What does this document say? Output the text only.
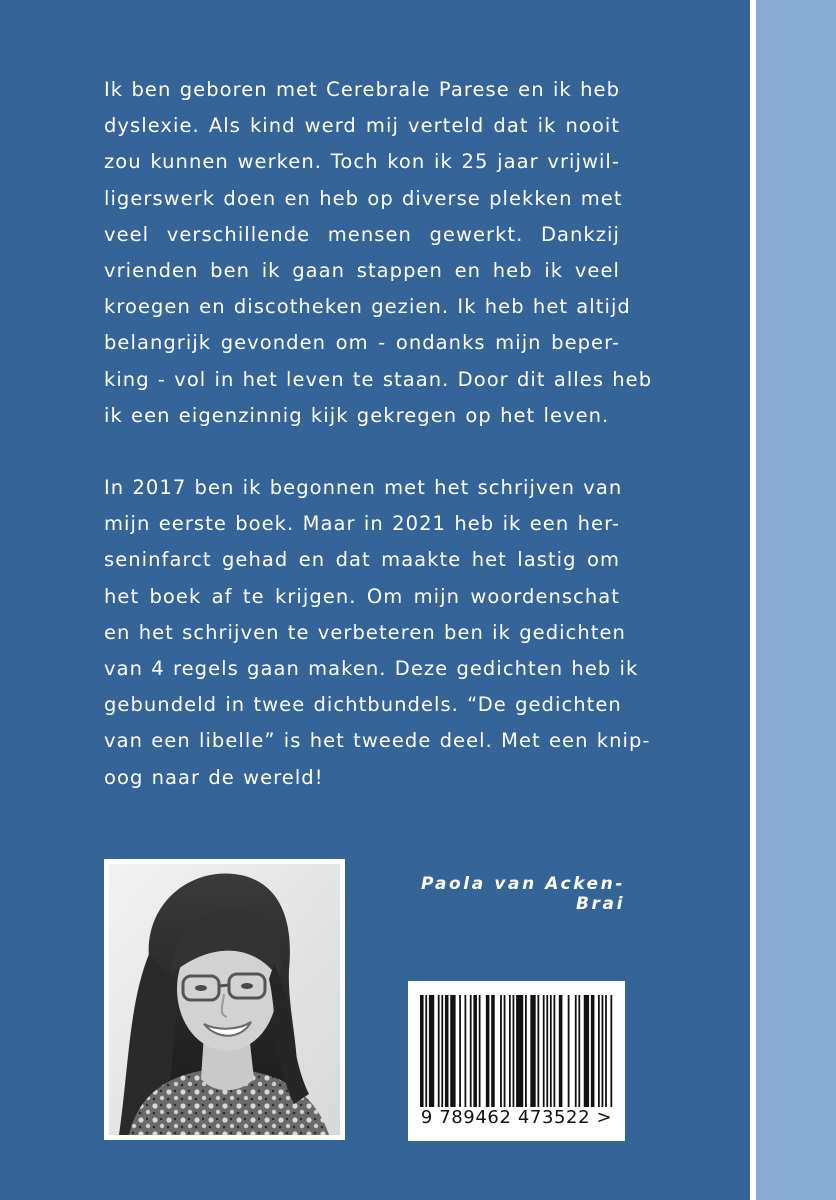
Ik ben geboren met Cerebrale Parese en ik heb
dyslexie. Als kind werd mij verteld dat ik nooit
zou kunnen werken. Toch kon ik 25 jaar vrijwil-
ligerswerk doen en heb op diverse plekken met
veel verschillende mensen gewerkt. Dankzij
vrienden ben ik gaan stappen en heb ik veel
kroegen en discotheken gezien. Ik heb het altijd
belangrijk gevonden om - ondanks mijn beper-
king - vol in het leven te staan. Door dit alles heb
ik een eigenzinnig kijk gekregen op het leven.
In 2017 ben ik begonnen met het schrijven van
mijn eerste boek. Maar in 2021 heb ik een her-
seninfarct gehad en dat maakte het lastig om
het boek af te krijgen. Om mijn woordenschat
en het schrijven te verbeteren ben ik gedichten
van 4 regels gaan maken. Deze gedichten heb ik
gebundeld in twee dichtbundels. “De gedichten
van een libelle” is het tweede deel. Met een knip-
oog naar de wereld!
Paola van Acken-Brai
9 789462 473522 >
